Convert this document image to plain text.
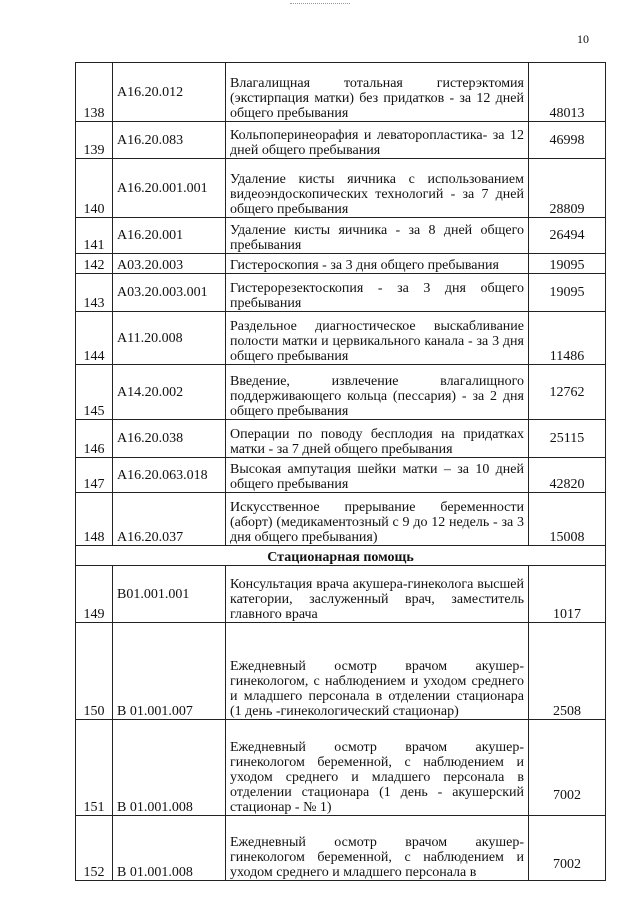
10
138	A16.20.012	Влагалищная тотальная гистерэктомия (экстирпация матки) без придатков - за 12 дней общего пребывания	48013
139	A16.20.083	Кольпоперинеорафия и леваторопластика- за 12 дней общего пребывания	46998
140	A16.20.001.001	Удаление кисты яичника с использованием видеоэндоскопических технологий - за 7 дней общего пребывания	28809
141	A16.20.001	Удаление кисты яичника - за 8 дней общего пребывания	26494
142	A03.20.003	Гистероскопия - за 3 дня общего пребывания	19095
143	A03.20.003.001	Гистерорезектоскопия - за 3 дня общего пребывания	19095
144	A11.20.008	Раздельное диагностическое выскабливание полости матки и цервикального канала - за 3 дня общего пребывания	11486
145	A14.20.002	Введение, извлечение влагалищного поддерживающего кольца (пессария) - за 2 дня общего пребывания	12762
146	A16.20.038	Операции по поводу бесплодия на придатках матки - за 7 дней общего пребывания	25115
147	A16.20.063.018	Высокая ампутация шейки матки – за 10 дней общего пребывания	42820
148	A16.20.037	Искусственное прерывание беременности (аборт) (медикаментозный с 9 до 12 недель - за 3 дня общего пребывания)	15008
Стационарная помощь			
149	B01.001.001	Консультация врача акушера-гинеколога высшей категории, заслуженный врач, заместитель главного врача	1017
150	B 01.001.007	Ежедневный осмотр врачом акушер-гинекологом, с наблюдением и уходом среднего и младшего персонала в отделении стационара (1 день -гинекологический стационар)	2508
151	B 01.001.008	Ежедневный осмотр врачом акушер-гинекологом беременной, с наблюдением и уходом среднего и младшего персонала в отделении стационара (1 день - акушерский стационар - № 1)	7002
152	B 01.001.008	Ежедневный осмотр врачом акушер-гинекологом беременной, с наблюдением и уходом среднего и младшего персонала в	7002
